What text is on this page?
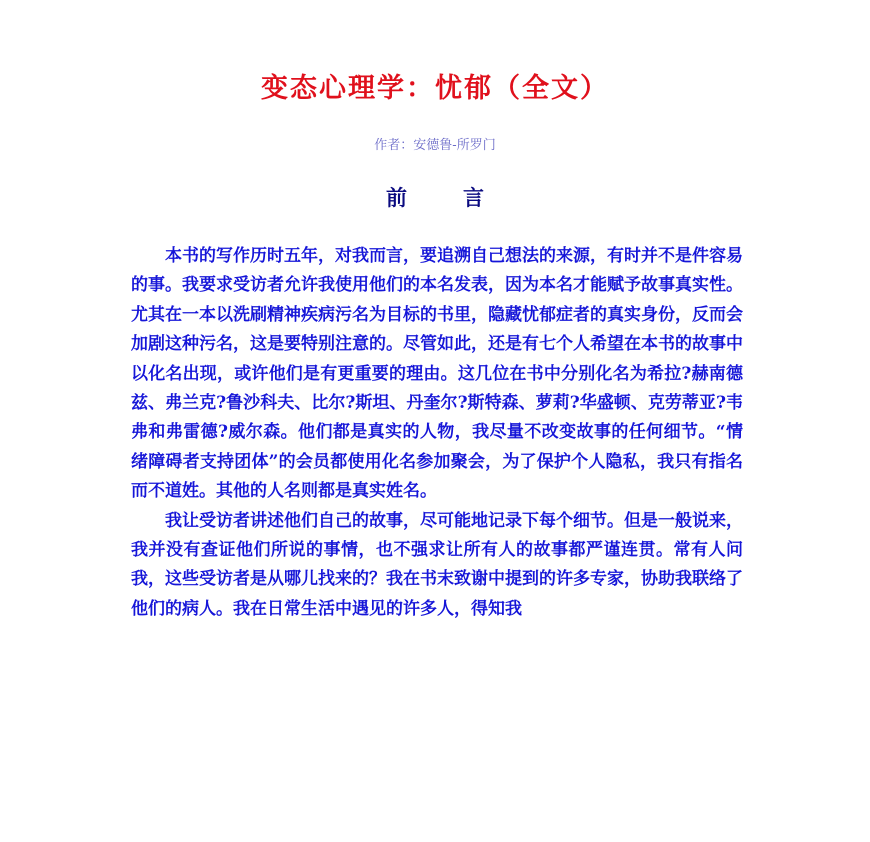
变态心理学：忧郁（全文）
作者：安德鲁-所罗门
前	言

本书的写作历时五年，对我而言，要追溯自己想法的来源，有时并不是件容易的事。我要求受访者允许我使用他们的本名发表，因为本名才能赋予故事真实性。尤其在一本以洗刷精神疾病污名为目标的书里，隐藏忧郁症者的真实身份，反而会加剧这种污名，这是要特别注意的。尽管如此，还是有七个人希望在本书的故事中以化名出现，或许他们是有更重要的理由。这几位在书中分别化名为希拉?赫南德兹、弗兰克?鲁沙科夫、比尔?斯坦、丹奎尔?斯特森、萝莉?华盛顿、克劳蒂亚?韦弗和弗雷德?威尔森。他们都是真实的人物，我尽量不改变故事的任何细节。“情绪障碍者支持团体”的会员都使用化名参加聚会，为了保护个人隐私，我只有指名而不道姓。其他的人名则都是真实姓名。

我让受访者讲述他们自己的故事，尽可能地记录下每个细节。但是一般说来，我并没有查证他们所说的事情，也不强求让所有人的故事都严谨连贯。常有人问我，这些受访者是从哪儿找来的？我在书末致谢中提到的许多专家，协助我联络了他们的病人。我在日常生活中遇见的许多人，得知我
